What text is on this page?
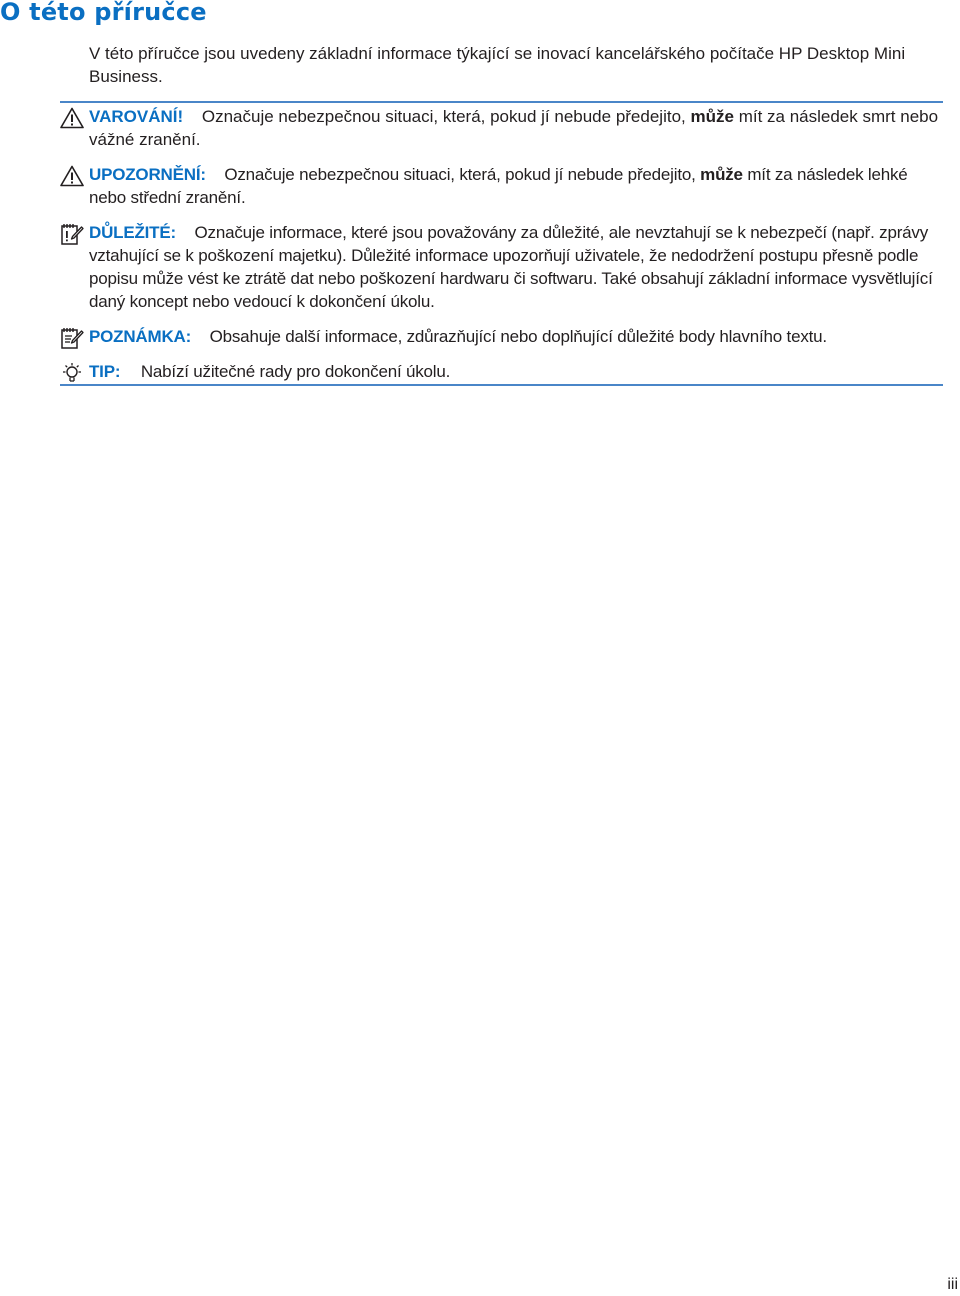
O této příručce

V této příručce jsou uvedeny základní informace týkající se inovací kancelářského počítače HP Desktop Mini Business.

VAROVÁNÍ! Označuje nebezpečnou situaci, která, pokud jí nebude předejito, může mít za následek smrt nebo vážné zranění.
UPOZORNĚNÍ: Označuje nebezpečnou situaci, která, pokud jí nebude předejito, může mít za následek lehké nebo střední zranění.
DŮLEŽITÉ: Označuje informace, které jsou považovány za důležité, ale nevztahují se k nebezpečí (např. zprávy vztahující se k poškození majetku). Důležité informace upozorňují uživatele, že nedodržení postupu přesně podle popisu může vést ke ztrátě dat nebo poškození hardwaru či softwaru. Také obsahují základní informace vysvětlující daný koncept nebo vedoucí k dokončení úkolu.
POZNÁMKA: Obsahuje další informace, zdůrazňující nebo doplňující důležité body hlavního textu.
TIP: Nabízí užitečné rady pro dokončení úkolu.
iii
